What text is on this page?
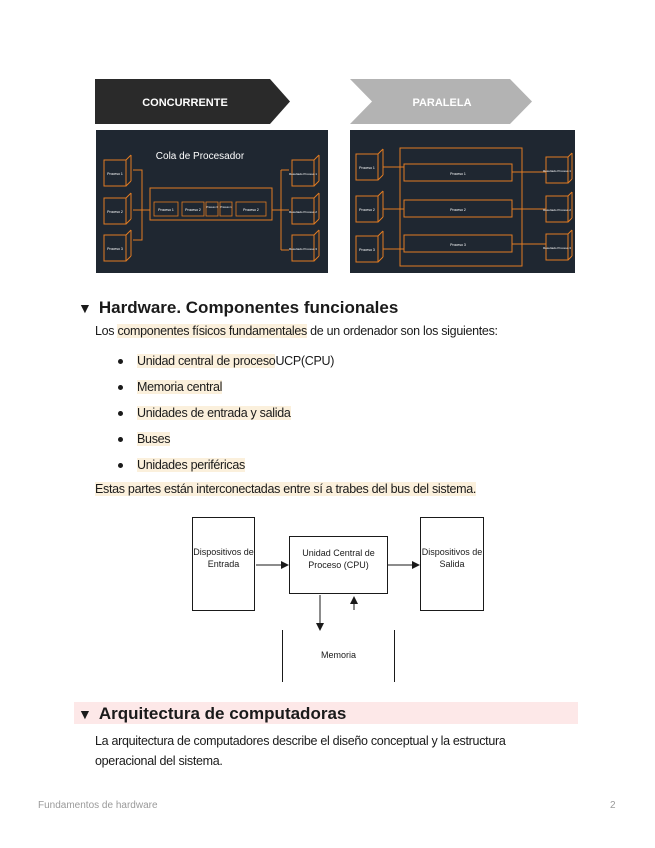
CONCURRENTE	PARALELA
Cola de Procesador
Proceso 1
Proceso 2
Proceso 3
Proceso 1	Proceso 2
Proceso 3 Proceso 1
Proceso 2
Resultado Proceso 1
Resultado Proceso 2
Resultado Proceso 3
Proceso 1
Proceso 2
Proceso 3
Proceso 1
Proceso 2
Proceso 3
Resultado Proceso 1
Resultado Proceso 2
Resultado Proceso 3
▼ Hardware. Componentes funcionales
Los componentes físicos fundamentales de un ordenador son los siguientes:
Unidad central de proceso UCP(CPU)
Memoria central
Unidades de entrada y salida
Buses
Unidades periféricas
Estas partes están interconectadas entre sí a trabes del bus del sistema.
Dispositivos de Entrada
Unidad Central de Proceso (CPU)
Dispositivos de Salida
Memoria
▼ Arquitectura de computadoras
La arquitectura de computadores describe el diseño conceptual y la estructura operacional del sistema.
Fundamentos de hardware	2
